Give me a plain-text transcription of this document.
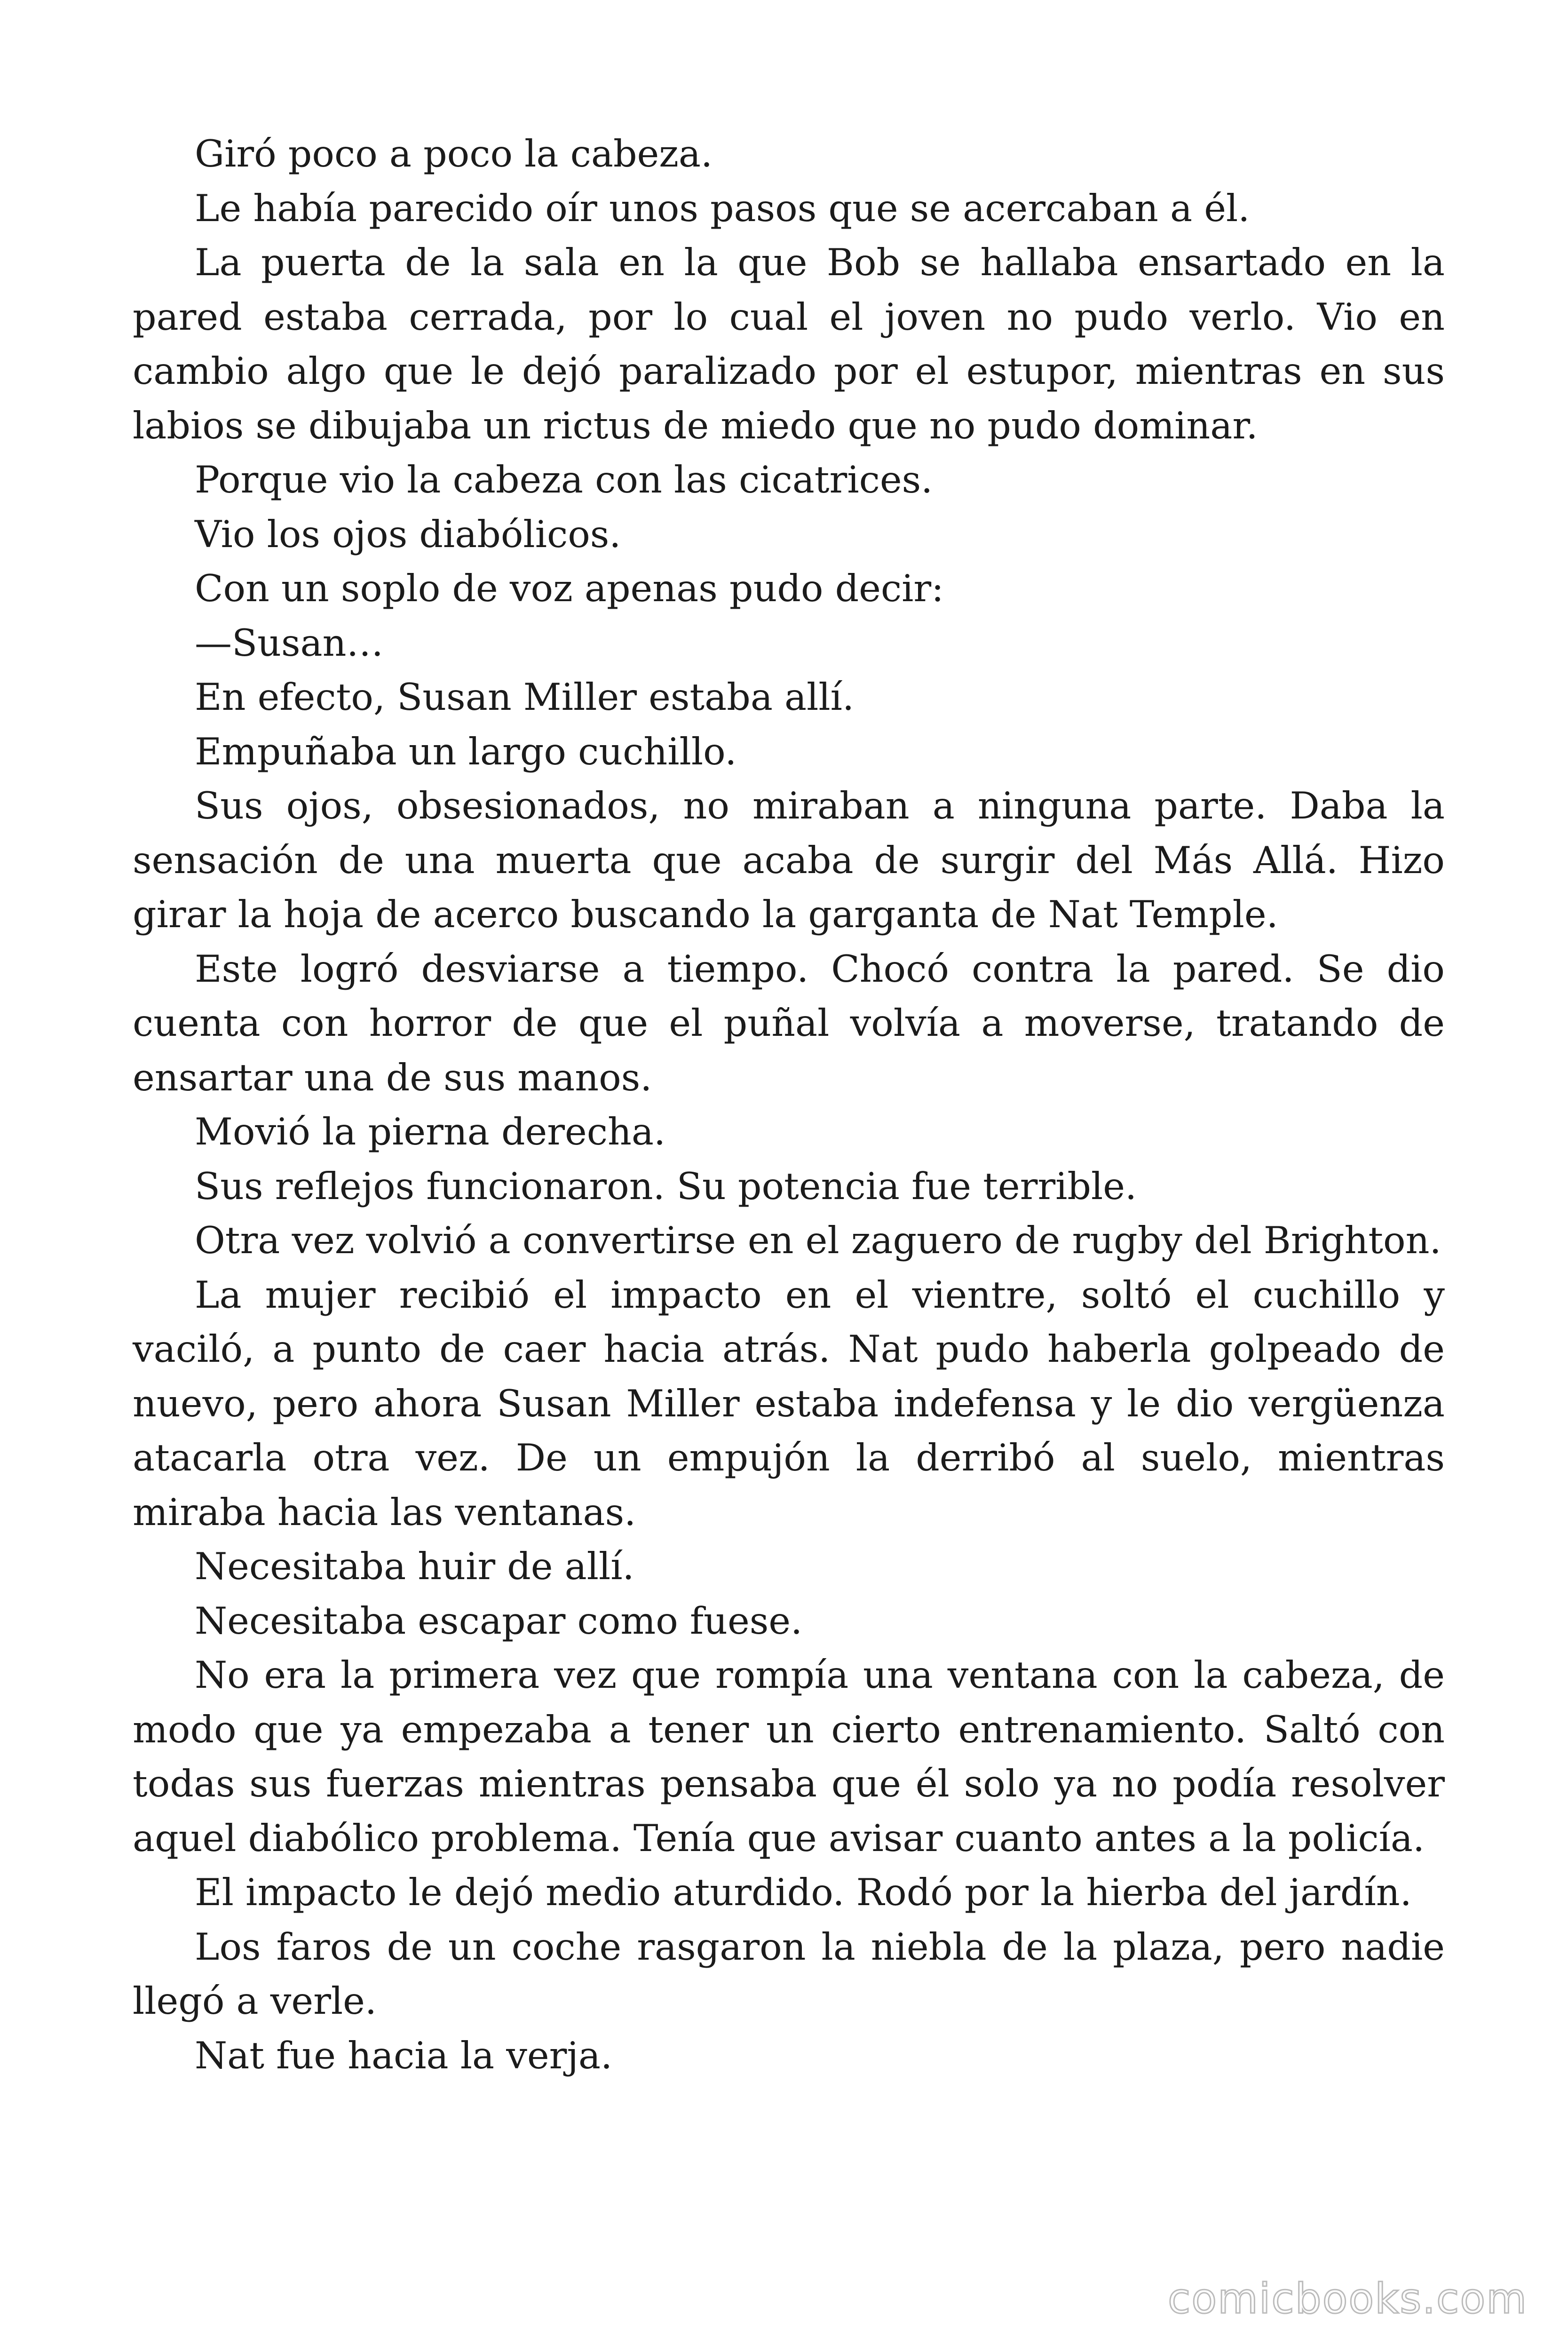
Giró poco a poco la cabeza.

Le había parecido oír unos pasos que se acercaban a él.

La puerta de la sala en la que Bob se hallaba ensartado en la pared estaba cerrada, por lo cual el joven no pudo verlo. Vio en cambio algo que le dejó paralizado por el estupor, mientras en sus labios se dibujaba un rictus de miedo que no pudo dominar.

Porque vio la cabeza con las cicatrices.

Vio los ojos diabólicos.

Con un soplo de voz apenas pudo decir:

—Susan…

En efecto, Susan Miller estaba allí.

Empuñaba un largo cuchillo.

Sus ojos, obsesionados, no miraban a ninguna parte. Daba la sensación de una muerta que acaba de surgir del Más Allá. Hizo girar la hoja de acerco buscando la garganta de Nat Temple.

Este logró desviarse a tiempo. Chocó contra la pared. Se dio cuenta con horror de que el puñal volvía a moverse, tratando de ensartar una de sus manos.

Movió la pierna derecha.

Sus reflejos funcionaron. Su potencia fue terrible.

Otra vez volvió a convertirse en el zaguero de rugby del Brighton.

La mujer recibió el impacto en el vientre, soltó el cuchillo y vaciló, a punto de caer hacia atrás. Nat pudo haberla golpeado de nuevo, pero ahora Susan Miller estaba indefensa y le dio vergüenza atacarla otra vez. De un empujón la derribó al suelo, mientras miraba hacia las ventanas.

Necesitaba huir de allí.

Necesitaba escapar como fuese.

No era la primera vez que rompía una ventana con la cabeza, de modo que ya empezaba a tener un cierto entrenamiento. Saltó con todas sus fuerzas mientras pensaba que él solo ya no podía resolver aquel diabólico problema. Tenía que avisar cuanto antes a la policía.

El impacto le dejó medio aturdido. Rodó por la hierba del jardín.

Los faros de un coche rasgaron la niebla de la plaza, pero nadie llegó a verle.

Nat fue hacia la verja.

comicbooks.com
